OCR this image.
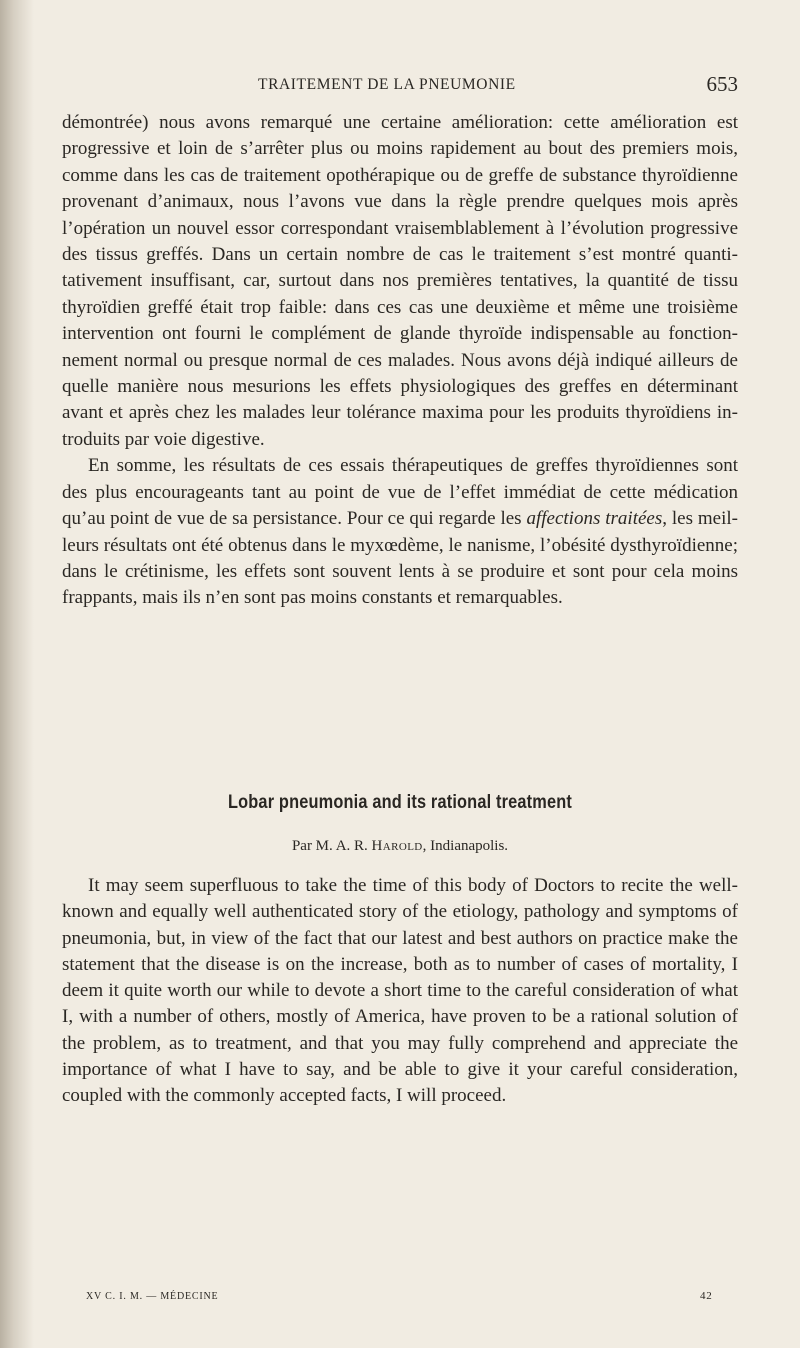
TRAITEMENT DE LA PNEUMONIE	653

démontrée) nous avons remarqué une certaine amélioration: cette amélioration est progressive et loin de s’arrêter plus ou moins rapidement au bout des premiers mois, comme dans les cas de traitement opothérapique ou de greffe de substance thyroïdienne provenant d’animaux, nous l’avons vue dans la règle prendre quelques mois après l’opération un nouvel essor correspondant vraisemblablement à l’évolution progressive des tissus greffés. Dans un certain nombre de cas le traitement s’est montré quantitativement insuffisant, car, surtout dans nos premières tentatives, la quantité de tissu thyroïdien greffé était trop faible: dans ces cas une deuxième et même une troisième intervention ont fourni le complément de glande thyroïde indispensable au fonctionnement normal ou presque normal de ces malades. Nous avons déjà indiqué ailleurs de quelle manière nous mesurions les effets physiologiques des greffes en déterminant avant et après chez les malades leur tolérance maxima pour les produits thyroïdiens introduits par voie digestive.

En somme, les résultats de ces essais thérapeutiques de greffes thyroïdiennes sont des plus encourageants tant au point de vue de l’effet immédiat de cette médication qu’au point de vue de sa persistance. Pour ce qui regarde les affections traitées, les meilleurs résultats ont été obtenus dans le myxœdème, le nanisme, l’obésité dysthyroïdienne; dans le crétinisme, les effets sont souvent lents à se produire et sont pour cela moins frappants, mais ils n’en sont pas moins constants et remarquables.

Lobar pneumonia and its rational treatment
Par M. A. R. Harold, Indianapolis.

It may seem superfluous to take the time of this body of Doctors to recite the well-known and equally well authenticated story of the etiology, pathology and symptoms of pneumonia, but, in view of the fact that our latest and best authors on practice make the statement that the disease is on the increase, both as to number of cases of mortality, I deem it quite worth our while to devote a short time to the careful consideration of what I, with a number of others, mostly of America, have proven to be a rational solution of the problem, as to treatment, and that you may fully comprehend and appreciate the importance of what I have to say, and be able to give it your careful consideration, coupled with the commonly accepted facts, I will proceed.

XV C. I. M. — MÉDECINE	42
